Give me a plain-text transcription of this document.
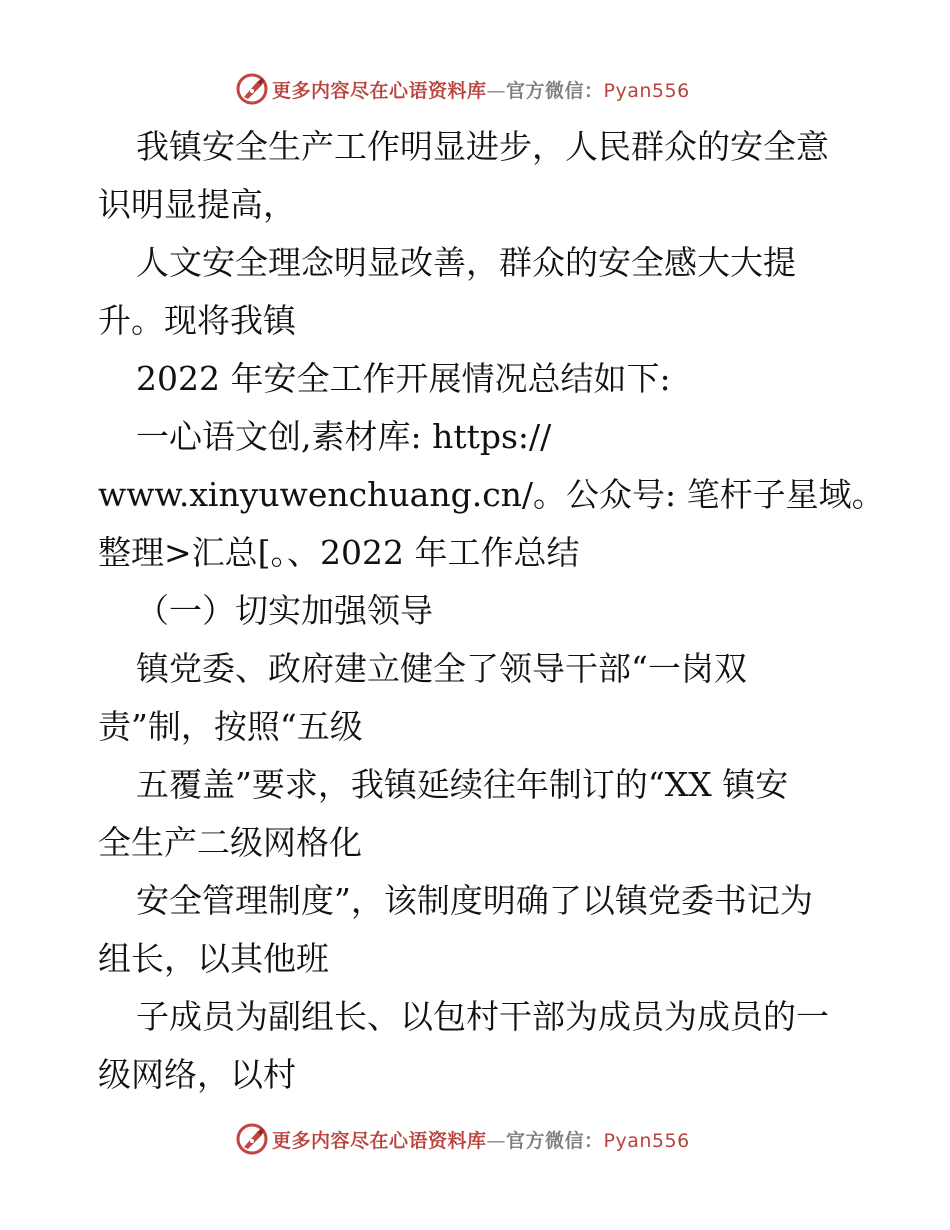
更多内容尽在心语资料库—官方微信：Pyan556
我镇安全生产工作明显进步，人民群众的安全意
识明显提高，
人文安全理念明显改善，群众的安全感大大提
升。现将我镇
2022 年安全工作开展情况总结如下:
一心语文创,素材库: https://
www.xinyuwenchuang.cn/。公众号: 笔杆子星域。
整理>汇总[。、2022 年工作总结
（一）切实加强领导
镇党委、政府建立健全了领导干部“一岗双
责”制，按照“五级
五覆盖”要求，我镇延续往年制订的“XX 镇安
全生产二级网格化
安全管理制度”，该制度明确了以镇党委书记为
组长，以其他班
子成员为副组长、以包村干部为成员为成员的一
级网络，以村
更多内容尽在心语资料库—官方微信：Pyan556
